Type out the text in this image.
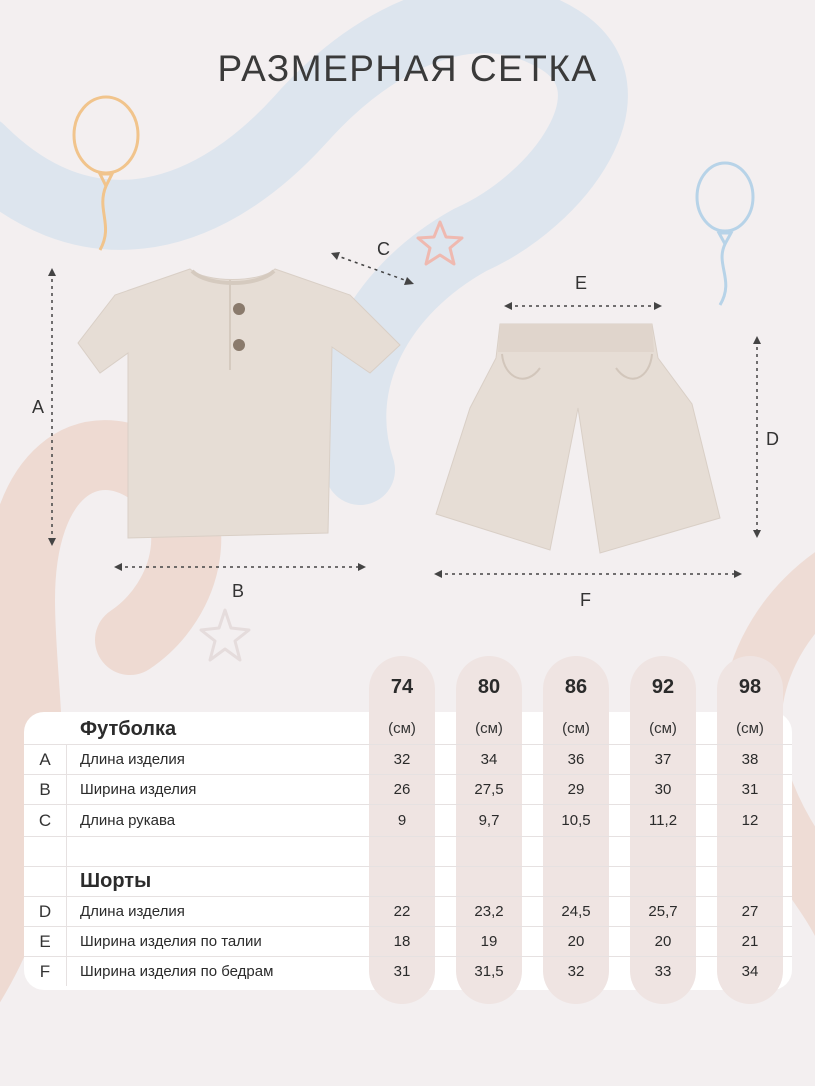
РАЗМЕРНАЯ СЕТКА
A
B
C
E
D
F
74	80	86	92	98
(см)	(см)	(см)	(см)	(см)
Футболка
A	Длина изделия	32	34	36	37	38
B	Ширина изделия	26	27,5	29	30	31
C	Длина рукава	9	9,7	10,5	11,2	12
Шорты
D	Длина изделия	22	23,2	24,5	25,7	27
E	Ширина изделия по талии	18	19	20	20	21
F	Ширина изделия по бедрам	31	31,5	32	33	34
